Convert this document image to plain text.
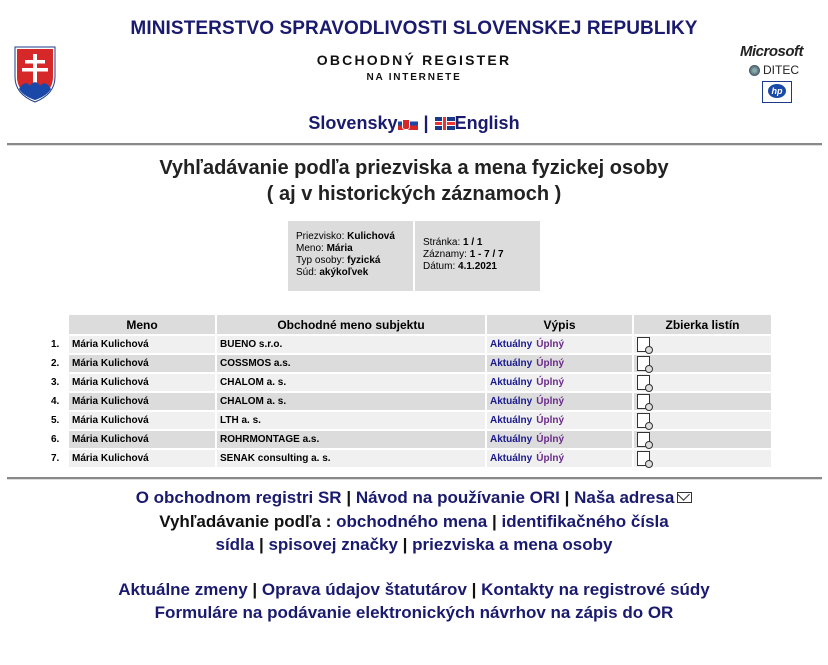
MINISTERSTVO SPRAVODLIVOSTI SLOVENSKEJ REPUBLIKY
OBCHODNÝ REGISTER
NA INTERNETE
Microsoft
DITEC
hp
Slovensky | English
Vyhľadávanie podľa priezviska a mena fyzickej osoby
( aj v historických záznamoch )
Priezvisko: Kulichová
Meno: Mária
Typ osoby: fyzická
Súd: akýkoľvek
Stránka: 1 / 1
Záznamy: 1 - 7 / 7
Dátum: 4.1.2021
	Meno	Obchodné meno subjektu	Výpis	Zbierka listín
1.	Mária Kulichová	BUENO s.r.o.	Aktuálny Úplný	
2.	Mária Kulichová	COSSMOS a.s.	Aktuálny Úplný	
3.	Mária Kulichová	CHALOM a. s.	Aktuálny Úplný	
4.	Mária Kulichová	CHALOM a. s.	Aktuálny Úplný	
5.	Mária Kulichová	LTH a. s.	Aktuálny Úplný	
6.	Mária Kulichová	ROHRMONTAGE a.s.	Aktuálny Úplný	
7.	Mária Kulichová	SENAK consulting a. s.	Aktuálny Úplný	
O obchodnom registri SR | Návod na používanie ORI | Naša adresa
Vyhľadávanie podľa : obchodného mena | identifikačného čísla
sídla | spisovej značky | priezviska a mena osoby
Aktuálne zmeny | Oprava údajov štatutárov | Kontakty na registrové súdy
Formuláre na podávanie elektronických návrhov na zápis do OR
